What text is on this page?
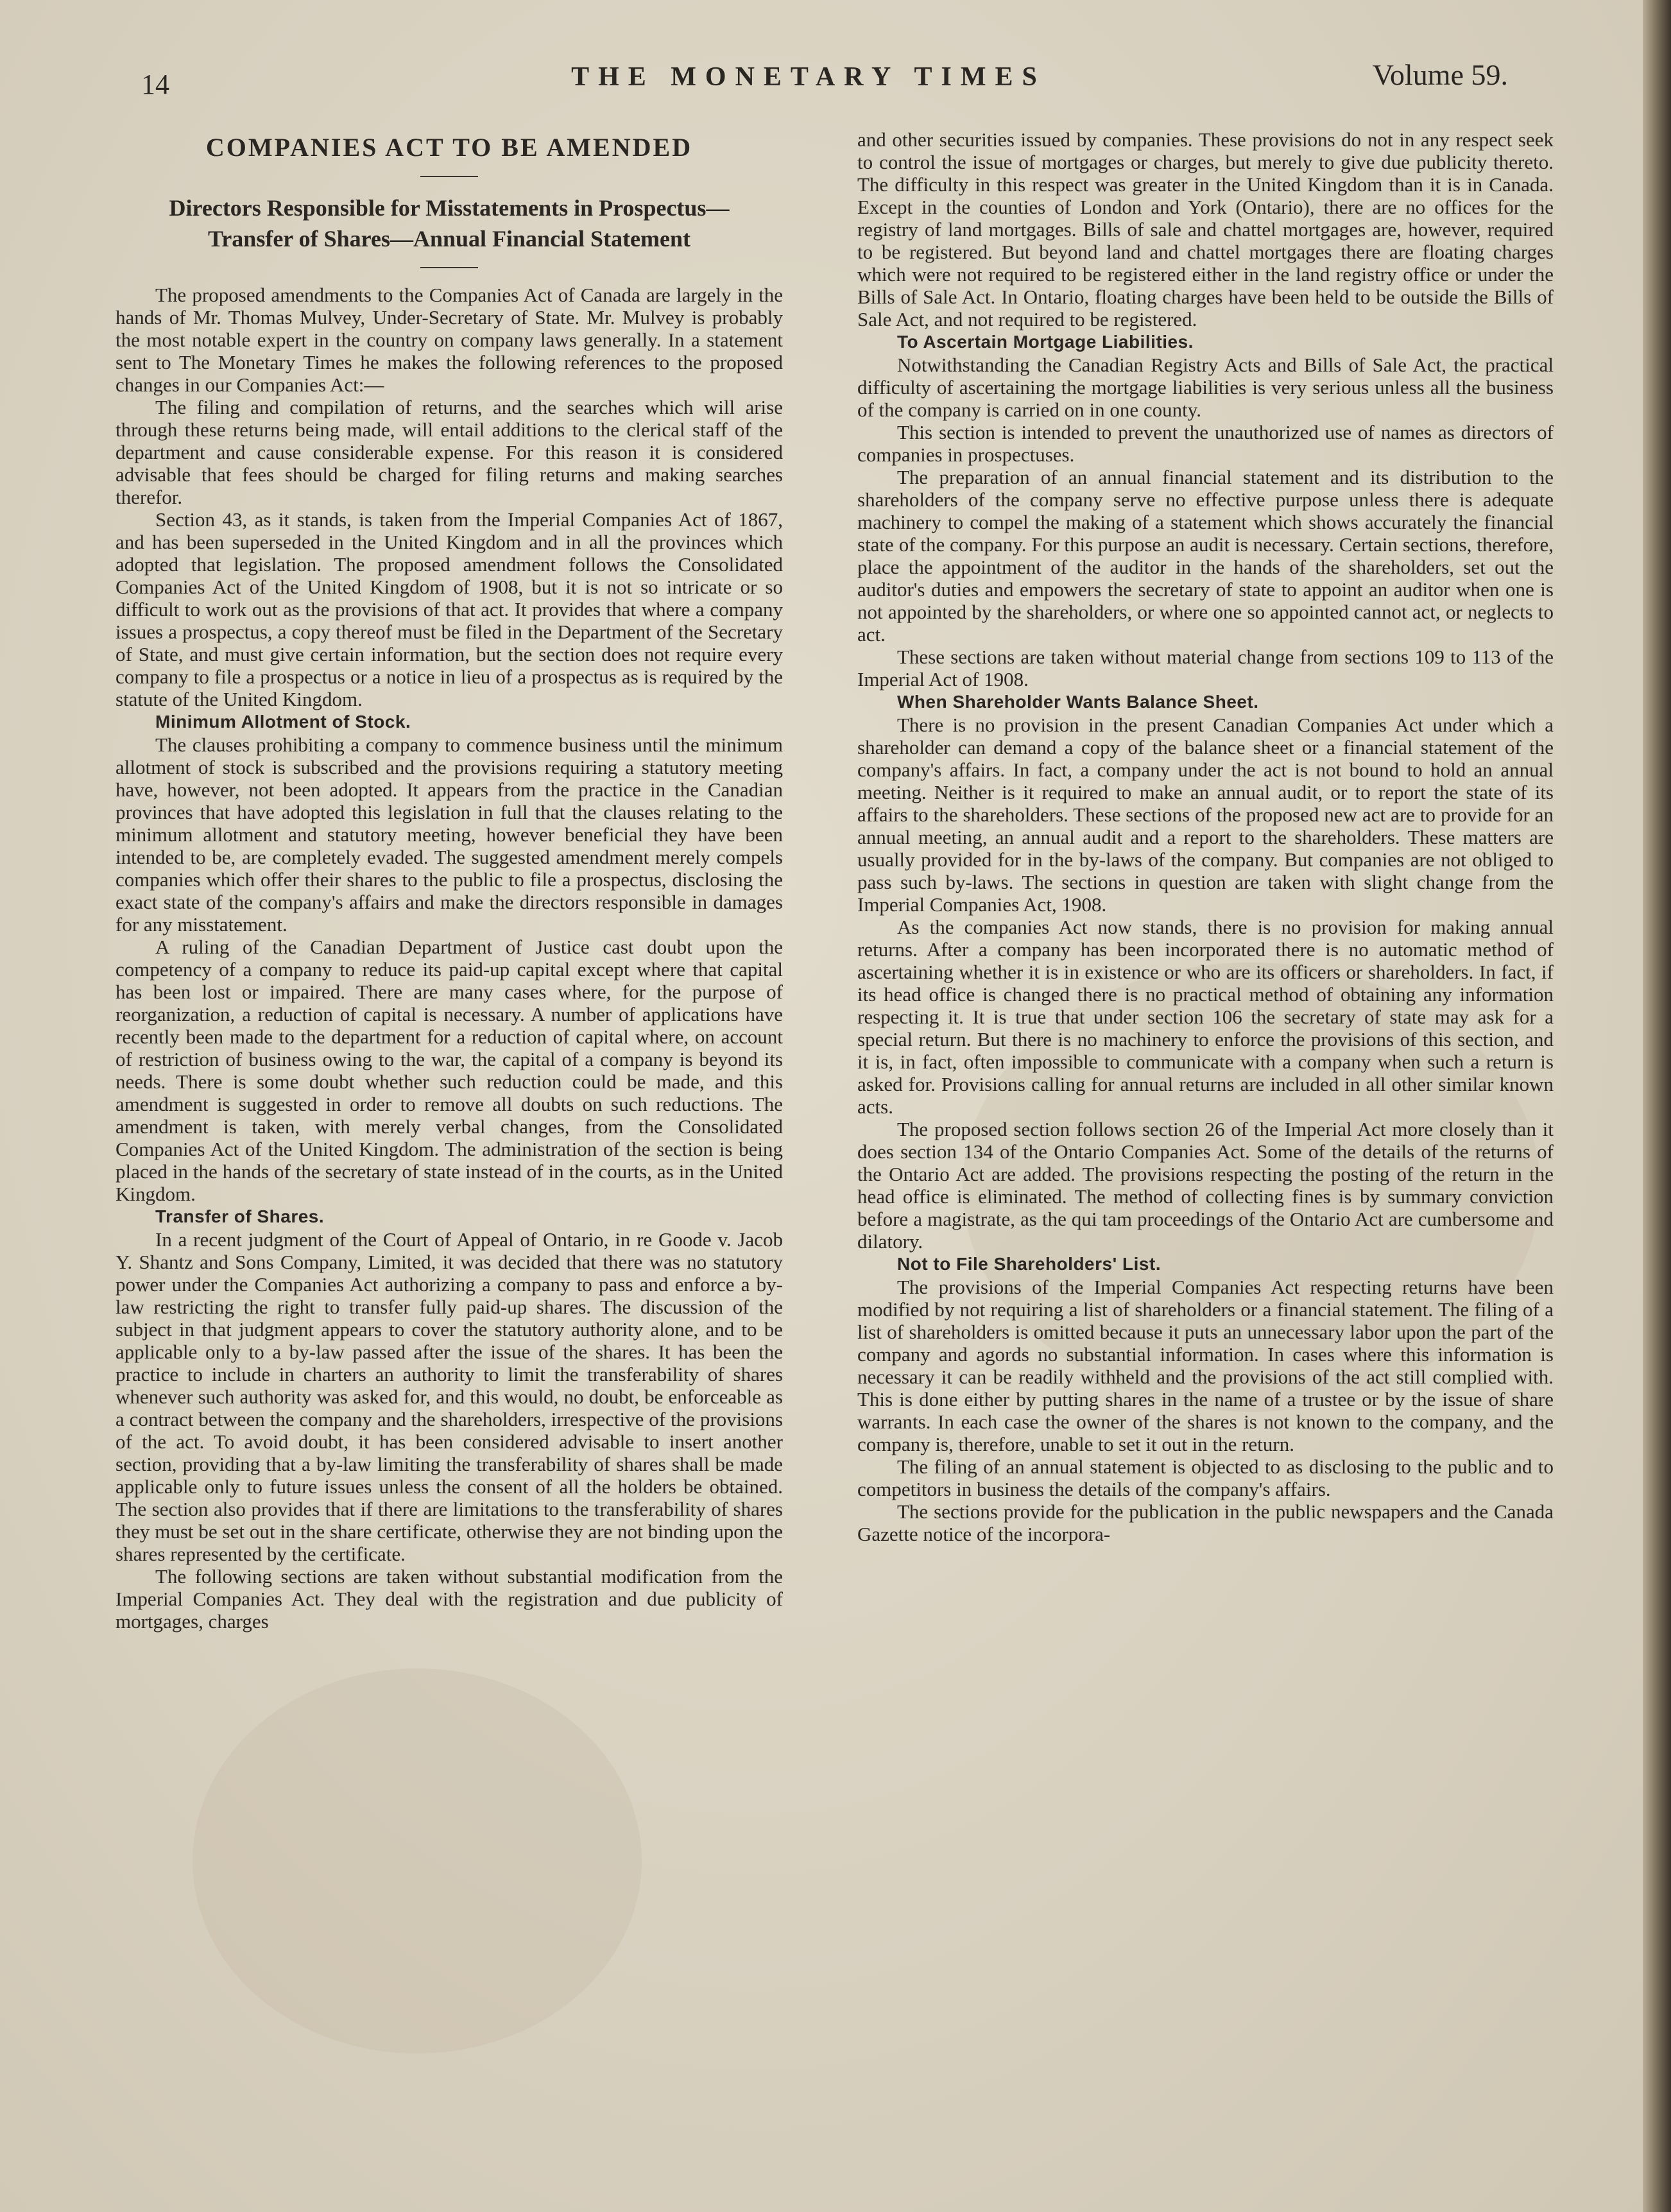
14	THE MONETARY TIMES	Volume 59.
COMPANIES ACT TO BE AMENDED

Directors Responsible for Misstatements in Prospectus—

Transfer of Shares—Annual Financial Statement

The proposed amendments to the Companies Act of Canada are largely in the hands of Mr. Thomas Mulvey, Under-Secretary of State. Mr. Mulvey is probably the most notable expert in the country on company laws generally. In a statement sent to The Monetary Times he makes the following references to the proposed changes in our Companies Act:—

The filing and compilation of returns, and the searches which will arise through these returns being made, will entail additions to the clerical staff of the department and cause considerable expense. For this reason it is considered advisable that fees should be charged for filing returns and making searches therefor.

Section 43, as it stands, is taken from the Imperial Companies Act of 1867, and has been superseded in the United Kingdom and in all the provinces which adopted that legislation. The proposed amendment follows the Consolidated Companies Act of the United Kingdom of 1908, but it is not so intricate or so difficult to work out as the provisions of that act. It provides that where a company issues a prospectus, a copy thereof must be filed in the Department of the Secretary of State, and must give certain information, but the section does not require every company to file a prospectus or a notice in lieu of a prospectus as is required by the statute of the United Kingdom.

Minimum Allotment of Stock.

The clauses prohibiting a company to commence business until the minimum allotment of stock is subscribed and the provisions requiring a statutory meeting have, however, not been adopted. It appears from the practice in the Canadian provinces that have adopted this legislation in full that the clauses relating to the minimum allotment and statutory meeting, however beneficial they have been intended to be, are completely evaded. The suggested amendment merely compels companies which offer their shares to the public to file a prospectus, disclosing the exact state of the company's affairs and make the directors responsible in damages for any misstatement.

A ruling of the Canadian Department of Justice cast doubt upon the competency of a company to reduce its paid-up capital except where that capital has been lost or impaired. There are many cases where, for the purpose of reorganization, a reduction of capital is necessary. A number of applications have recently been made to the department for a reduction of capital where, on account of restriction of business owing to the war, the capital of a company is beyond its needs. There is some doubt whether such reduction could be made, and this amendment is suggested in order to remove all doubts on such reductions. The amendment is taken, with merely verbal changes, from the Consolidated Companies Act of the United Kingdom. The administration of the section is being placed in the hands of the secretary of state instead of in the courts, as in the United Kingdom.

Transfer of Shares.

In a recent judgment of the Court of Appeal of Ontario, in re Goode v. Jacob Y. Shantz and Sons Company, Limited, it was decided that there was no statutory power under the Companies Act authorizing a company to pass and enforce a by-law restricting the right to transfer fully paid-up shares. The discussion of the subject in that judgment appears to cover the statutory authority alone, and to be applicable only to a by-law passed after the issue of the shares. It has been the practice to include in charters an authority to limit the transferability of shares whenever such authority was asked for, and this would, no doubt, be enforceable as a contract between the company and the shareholders, irrespective of the provisions of the act. To avoid doubt, it has been considered advisable to insert another section, providing that a by-law limiting the transferability of shares shall be made applicable only to future issues unless the consent of all the holders be obtained. The section also provides that if there are limitations to the transferability of shares they must be set out in the share certificate, otherwise they are not binding upon the shares represented by the certificate.

The following sections are taken without substantial modification from the Imperial Companies Act. They deal with the registration and due publicity of mortgages, charges

and other securities issued by companies. These provisions do not in any respect seek to control the issue of mortgages or charges, but merely to give due publicity thereto. The difficulty in this respect was greater in the United Kingdom than it is in Canada. Except in the counties of London and York (Ontario), there are no offices for the registry of land mortgages. Bills of sale and chattel mortgages are, however, required to be registered. But beyond land and chattel mortgages there are floating charges which were not required to be registered either in the land registry office or under the Bills of Sale Act. In Ontario, floating charges have been held to be outside the Bills of Sale Act, and not required to be registered.

To Ascertain Mortgage Liabilities.

Notwithstanding the Canadian Registry Acts and Bills of Sale Act, the practical difficulty of ascertaining the mortgage liabilities is very serious unless all the business of the company is carried on in one county.

This section is intended to prevent the unauthorized use of names as directors of companies in prospectuses.

The preparation of an annual financial statement and its distribution to the shareholders of the company serve no effective purpose unless there is adequate machinery to compel the making of a statement which shows accurately the financial state of the company. For this purpose an audit is necessary. Certain sections, therefore, place the appointment of the auditor in the hands of the shareholders, set out the auditor's duties and empowers the secretary of state to appoint an auditor when one is not appointed by the shareholders, or where one so appointed cannot act, or neglects to act.

These sections are taken without material change from sections 109 to 113 of the Imperial Act of 1908.

When Shareholder Wants Balance Sheet.

There is no provision in the present Canadian Companies Act under which a shareholder can demand a copy of the balance sheet or a financial statement of the company's affairs. In fact, a company under the act is not bound to hold an annual meeting. Neither is it required to make an annual audit, or to report the state of its affairs to the shareholders. These sections of the proposed new act are to provide for an annual meeting, an annual audit and a report to the shareholders. These matters are usually provided for in the by-laws of the company. But companies are not obliged to pass such by-laws. The sections in question are taken with slight change from the Imperial Companies Act, 1908.

As the companies Act now stands, there is no provision for making annual returns. After a company has been incorporated there is no automatic method of ascertaining whether it is in existence or who are its officers or shareholders. In fact, if its head office is changed there is no practical method of obtaining any information respecting it. It is true that under section 106 the secretary of state may ask for a special return. But there is no machinery to enforce the provisions of this section, and it is, in fact, often impossible to communicate with a company when such a return is asked for. Provisions calling for annual returns are included in all other similar known acts.

The proposed section follows section 26 of the Imperial Act more closely than it does section 134 of the Ontario Companies Act. Some of the details of the returns of the Ontario Act are added. The provisions respecting the posting of the return in the head office is eliminated. The method of collecting fines is by summary conviction before a magistrate, as the qui tam proceedings of the Ontario Act are cumbersome and dilatory.

Not to File Shareholders' List.

The provisions of the Imperial Companies Act respecting returns have been modified by not requiring a list of shareholders or a financial statement. The filing of a list of shareholders is omitted because it puts an unnecessary labor upon the part of the company and agords no substantial information. In cases where this information is necessary it can be readily withheld and the provisions of the act still complied with. This is done either by putting shares in the name of a trustee or by the issue of share warrants. In each case the owner of the shares is not known to the company, and the company is, therefore, unable to set it out in the return.

The filing of an annual statement is objected to as disclosing to the public and to competitors in business the details of the company's affairs.

The sections provide for the publication in the public newspapers and the Canada Gazette notice of the incorpora-
